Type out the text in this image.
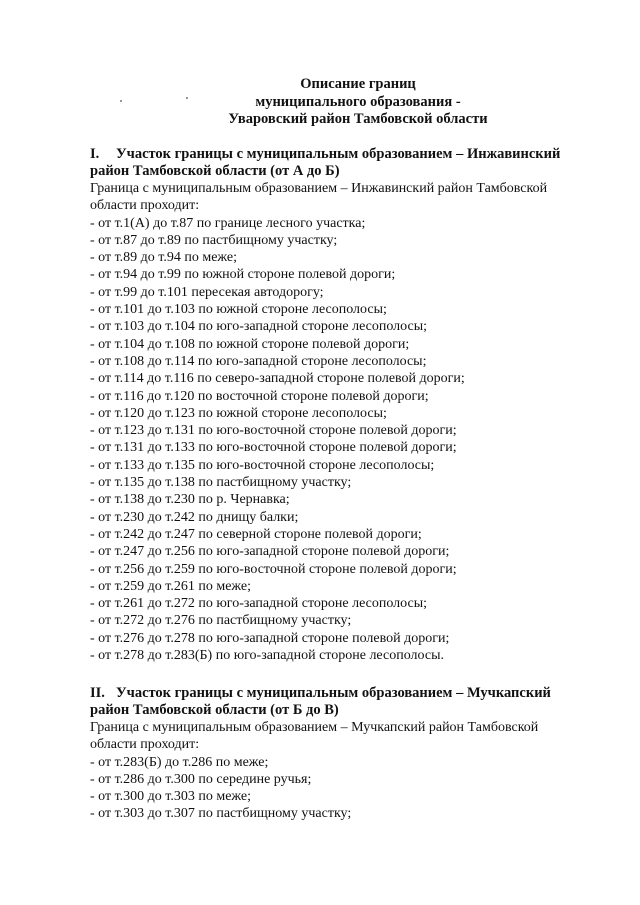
Описание границ
муниципального образования -
Уваровский район Тамбовской области
I. Участок границы с муниципальным образованием – Инжавинский
район Тамбовской области (от А до Б)
Граница с муниципальным образованием – Инжавинский район Тамбовской
области проходит:
- от т.1(А) до т.87 по границе лесного участка;
- от т.87 до т.89 по пастбищному участку;
- от т.89 до т.94 по меже;
- от т.94 до т.99 по южной стороне полевой дороги;
- от т.99 до т.101 пересекая автодорогу;
- от т.101 до т.103 по южной стороне лесополосы;
- от т.103 до т.104 по юго-западной стороне лесополосы;
- от т.104 до т.108 по южной стороне полевой дороги;
- от т.108 до т.114 по юго-западной стороне лесополосы;
- от т.114 до т.116 по северо-западной стороне полевой дороги;
- от т.116 до т.120 по восточной стороне полевой дороги;
- от т.120 до т.123 по южной стороне лесополосы;
- от т.123 до т.131 по юго-восточной стороне полевой дороги;
- от т.131 до т.133 по юго-восточной стороне полевой дороги;
- от т.133 до т.135 по юго-восточной стороне лесополосы;
- от т.135 до т.138 по пастбищному участку;
- от т.138 до т.230 по р. Чернавка;
- от т.230 до т.242 по днищу балки;
- от т.242 до т.247 по северной стороне полевой дороги;
- от т.247 до т.256 по юго-западной стороне полевой дороги;
- от т.256 до т.259 по юго-восточной стороне полевой дороги;
- от т.259 до т.261 по меже;
- от т.261 до т.272 по юго-западной стороне лесополосы;
- от т.272 до т.276 по пастбищному участку;
- от т.276 до т.278 по юго-западной стороне полевой дороги;
- от т.278 до т.283(Б) по юго-западной стороне лесополосы.
II. Участок границы с муниципальным образованием – Мучкапский
район Тамбовской области (от Б до В)
Граница с муниципальным образованием – Мучкапский район Тамбовской
области проходит:
- от т.283(Б) до т.286 по меже;
- от т.286 до т.300 по середине ручья;
- от т.300 до т.303 по меже;
- от т.303 до т.307 по пастбищному участку;
